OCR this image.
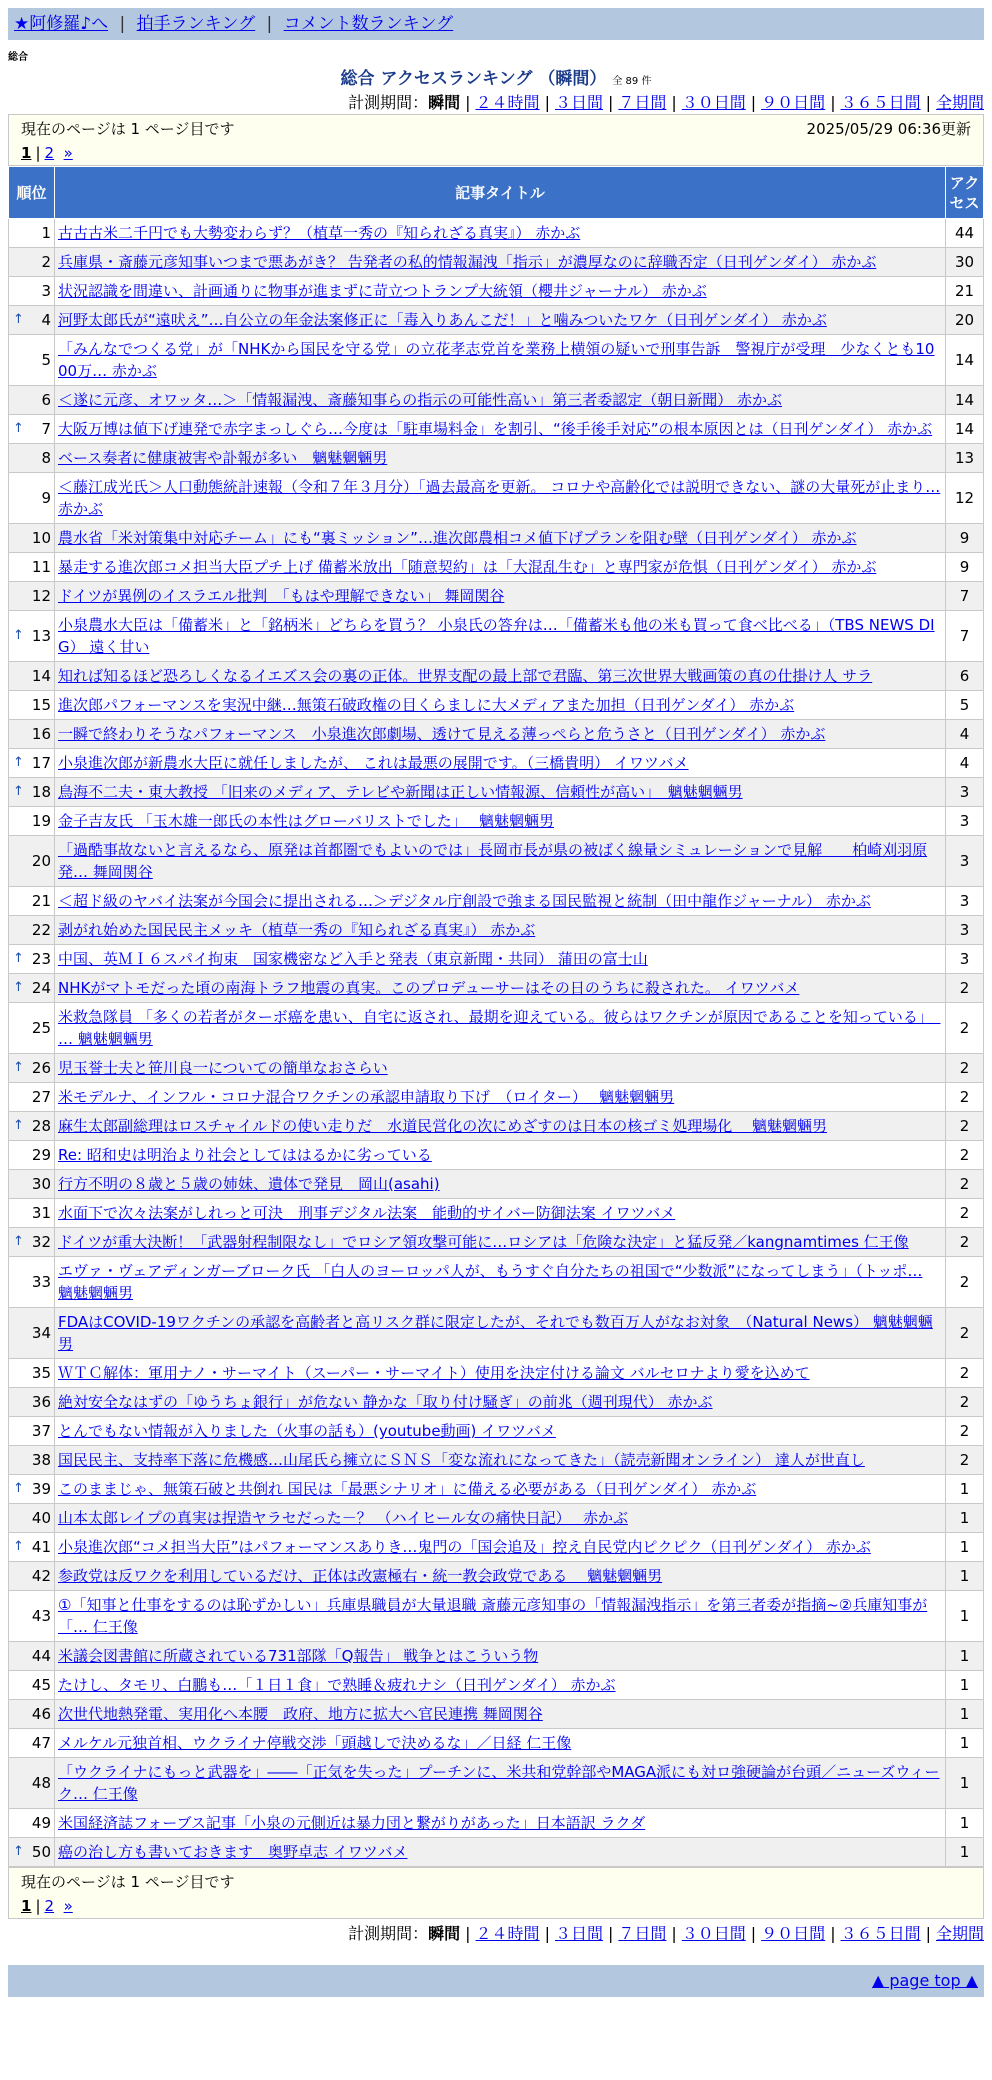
★阿修羅♪へ | 拍手ランキング | コメント数ランキング
総合
総合 アクセスランキング （瞬間） 全 89 件
計測期間：瞬間 | ２４時間 | ３日間 | ７日間 | ３０日間 | ９０日間 | ３６５日間 | 全期間
現在のページは 1 ページ目です	2025/05/29 06:36更新
1 | 2 »
順位	記事タイトル	アクセス
1	古古古米二千円でも大勢変わらず？（植草一秀の『知られざる真実』） 赤かぶ	44
2	兵庫県・斎藤元彦知事いつまで悪あがき？ 告発者の私的情報漏洩「指示」が濃厚なのに辞職否定（日刊ゲンダイ） 赤かぶ	30
3	状況認識を間違い、計画通りに物事が進まずに苛立つトランプ大統領（櫻井ジャーナル） 赤かぶ	21

↑ 4	河野太郎氏が“遠吠え”…自公立の年金法案修正に「毒入りあんこだ！」と噛みついたワケ（日刊ゲンダイ） 赤かぶ	20
5	「みんなでつくる党」が「NHKから国民を守る党」の立花孝志党首を業務上横領の疑いで刑事告訴　警視庁が受理　少なくとも1000万… 赤かぶ	14
6	＜遂に元彦、オワッタ…＞「情報漏洩、斎藤知事らの指示の可能性高い」第三者委認定（朝日新聞） 赤かぶ	14

↑ 7	大阪万博は値下げ連発で赤字まっしぐら…今度は「駐車場料金」を割引、“後手後手対応”の根本原因とは（日刊ゲンダイ） 赤かぶ	14
8	ベース奏者に健康被害や訃報が多い　魑魅魍魎男	13
9	＜藤江成光氏＞人口動態統計速報（令和７年３月分）「過去最高を更新。 コロナや高齢化では説明できない、謎の大量死が止まり… 赤かぶ	12
10	農水省「米対策集中対応チーム」にも“裏ミッション”…進次郎農相コメ値下げプランを阻む壁（日刊ゲンダイ） 赤かぶ	9
11	暴走する進次郎コメ担当大臣プチ上げ 備蓄米放出「随意契約」は「大混乱生む」と専門家が危惧（日刊ゲンダイ） 赤かぶ	9
12	ドイツが異例のイスラエル批判　「もはや理解できない」 舞岡関谷	7

↑ 13	小泉農水大臣は「備蓄米」と「銘柄米」どちらを買う？ 小泉氏の答弁は…「備蓄米も他の米も買って食べ比べる」（TBS NEWS DIG） 遠く甘い	7
14	知れば知るほど恐ろしくなるイエズス会の裏の正体。世界支配の最上部で君臨、第三次世界大戦画策の真の仕掛け人 サラ	6
15	進次郎パフォーマンスを実況中継…無策石破政権の目くらましに大メディアまた加担（日刊ゲンダイ） 赤かぶ	5
16	一瞬で終わりそうなパフォーマンス　小泉進次郎劇場、透けて見える薄っぺらと危うさと（日刊ゲンダイ） 赤かぶ	4

↑ 17	小泉進次郎が新農水大臣に就任しましたが、 これは最悪の展開です。（三橋貴明） イワツバメ	4

↑ 18	鳥海不二夫・東大教授 「旧来のメディア、テレビや新聞は正しい情報源、信頼性が高い」　魑魅魍魎男	3
19	金子吉友氏 「玉木雄一郎氏の本性はグローバリストでした」　 魑魅魍魎男	3
20	「過酷事故ないと言えるなら、原発は首都圏でもよいのでは」長岡市長が県の被ばく線量シミュレーションで見解　　柏崎刈羽原発… 舞岡関谷	3
21	＜超ド級のヤバイ法案が今国会に提出される…＞デジタル庁創設で強まる国民監視と統制（田中龍作ジャーナル） 赤かぶ	3
22	剥がれ始めた国民民主メッキ（植草一秀の『知られざる真実』） 赤かぶ	3

↑ 23	中国、英ＭＩ６スパイ拘束　国家機密など入手と発表（東京新聞・共同） 蒲田の富士山	3

↑ 24	NHKがマトモだった頃の南海トラフ地震の真実。このプロデューサーはその日のうちに殺された。 イワツバメ	2
25	米救急隊員 「多くの若者がターボ癌を患い、自宅に返され、最期を迎えている。彼らはワクチンが原因であることを知っている」　… 魑魅魍魎男	2

↑ 26	児玉誉士夫と笹川良一についての簡単なおさらい	2
27	米モデルナ、インフル・コロナ混合ワクチンの承認申請取り下げ　（ロイター）　 魑魅魍魎男	2

↑ 28	麻生太郎副総理はロスチャイルドの使い走りだ　水道民営化の次にめざすのは日本の核ゴミ処理場化　 魑魅魍魎男	2
29	Re: 昭和史は明治より社会としてははるかに劣っている	2
30	行方不明の８歳と５歳の姉妹、遺体で発見　岡山(asahi)	2
31	水面下で次々法案がしれっと可決　刑事デジタル法案　能動的サイバー防御法案 イワツバメ	2

↑ 32	ドイツが重大決断！「武器射程制限なし」でロシア領攻撃可能に…ロシアは「危険な決定」と猛反発／kangnamtimes 仁王像	2
33	エヴァ・ヴェアディンガーブローク氏 「白人のヨーロッパ人が、もうすぐ自分たちの祖国で“少数派”になってしまう」（トッポ… 魑魅魍魎男	2
34	FDAはCOVID-19ワクチンの承認を高齢者と高リスク群に限定したが、それでも数百万人がなお対象　（Natural News） 魑魅魍魎男	2
35	ＷＴＣ解体：軍用ナノ・サーマイト（スーパー・サーマイト）使用を決定付ける論文 バルセロナより愛を込めて	2
36	絶対安全なはずの「ゆうちょ銀行」が危ない 静かな「取り付け騒ぎ」の前兆（週刊現代） 赤かぶ	2
37	とんでもない情報が入りました（火事の話も）(youtube動画) イワツバメ	2
38	国民民主、支持率下落に危機感…山尾氏ら擁立にＳＮＳ「変な流れになってきた」（読売新聞オンライン） 達人が世直し	2

↑ 39	このままじゃ、無策石破と共倒れ 国民は「最悪シナリオ」に備える必要がある（日刊ゲンダイ） 赤かぶ	1
40	山本太郎レイプの真実は捏造ヤラセだった－？ （ハイヒール女の痛快日記）　 赤かぶ	1

↑ 41	小泉進次郎“コメ担当大臣”はパフォーマンスありき…鬼門の「国会追及」控え自民党内ピクピク（日刊ゲンダイ） 赤かぶ	1
42	参政党は反ワクを利用しているだけ、正体は改憲極右・統一教会政党である　 魑魅魍魎男	1
43	①「知事と仕事をするのは恥ずかしい」兵庫県職員が大量退職 斎藤元彦知事の「情報漏洩指示」を第三者委が指摘~②兵庫知事が「… 仁王像	1
44	米議会図書館に所蔵されている731部隊「Q報告」 戦争とはこういう物	1
45	たけし、タモリ、白鵬も…「１日１食」で熟睡＆疲れナシ（日刊ゲンダイ） 赤かぶ	1
46	次世代地熱発電、実用化へ本腰　政府、地方に拡大へ官民連携 舞岡関谷	1
47	メルケル元独首相、ウクライナ停戦交渉「頭越しで決めるな」／日経 仁王像	1
48	「ウクライナにもっと武器を」――「正気を失った」プーチンに、米共和党幹部やMAGA派にも対ロ強硬論が台頭／ニューズウィーク… 仁王像	1
49	米国経済誌フォーブス記事「小泉の元側近は暴力団と繋がりがあった」日本語訳 ラクダ	1

↑ 50	癌の治し方も書いておきます　奥野卓志 イワツバメ	1
現在のページは 1 ページ目です
1 | 2 »
計測期間：瞬間 | ２４時間 | ３日間 | ７日間 | ３０日間 | ９０日間 | ３６５日間 | 全期間
▲ page top ▲
